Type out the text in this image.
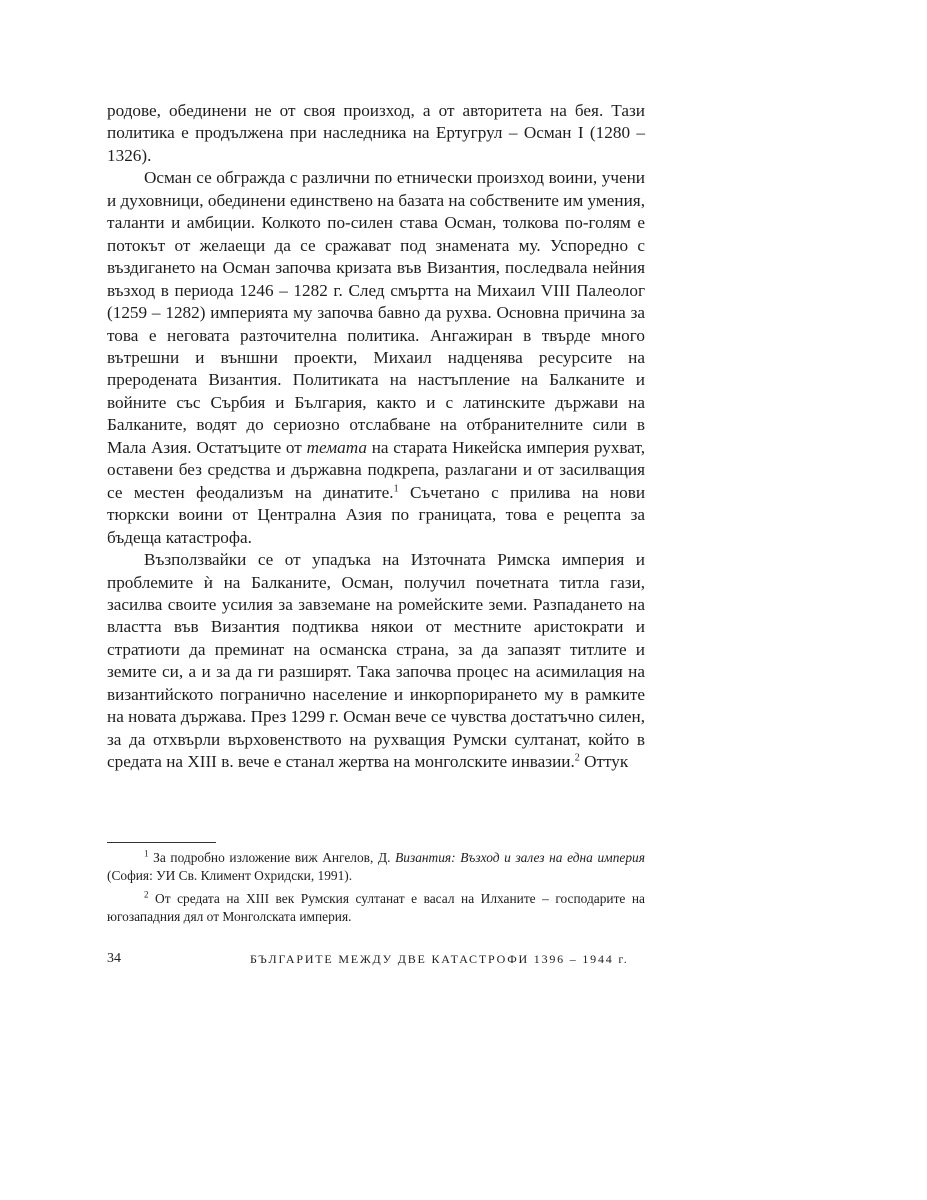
родове, обединени не от своя произход, а от авторитета на бея. Тази политика е продължена при наследника на Ертугрул – Осман I (1280 – 1326).

Осман се обгражда с различни по етнически произход воини, учени и духовници, обединени единствено на базата на собствените им умения, таланти и амбиции. Колкото по-силен става Осман, толкова по-голям е потокът от желаещи да се сражават под знамената му. Успоредно с въздигането на Осман започва кризата във Византия, последвала нейния възход в периода 1246 – 1282 г. След смъртта на Михаил VIII Палеолог (1259 – 1282) империята му започва бавно да рухва. Основна причина за това е неговата разточителна политика. Ангажиран в твърде много вътрешни и външни проекти, Михаил надценява ресурсите на преродената Византия. Политиката на настъпление на Балканите и войните със Сърбия и България, както и с латинските държави на Балканите, водят до сериозно отслабване на отбранителните сили в Мала Азия. Остатъците от темата на старата Никейска империя рухват, оставени без средства и държавна подкрепа, разлагани и от засилващия се местен феодализъм на динатите.$^1$ Съчетано с прилива на нови тюркски воини от Централна Азия по границата, това е рецепта за бъдеща катастрофа.

Възползвайки се от упадъка на Източната Римска империя и проблемите ѝ на Балканите, Осман, получил почетната титла гази, засилва своите усилия за завземане на ромейските земи. Разпадането на властта във Византия подтиква някои от местните аристократи и стратиоти да преминат на османска страна, за да запазят титлите и земите си, а и за да ги разширят. Така започва процес на асимилация на византийското погранично население и инкорпорирането му в рамките на новата държава. През 1299 г. Осман вече се чувства достатъчно силен, за да отхвърли върховенството на рухващия Румски султанат, който в средата на XIII в. вече е станал жертва на монголските инвазии.$^2$ Оттук

$^1$ За подробно изложение виж Ангелов, Д. Византия: Възход и залез на една империя (София: УИ Св. Климент Охридски, 1991).

$^2$ От средата на XIII век Румския султанат е васал на Илханите – господарите на югозападния дял от Монголската империя.

34	БЪЛГАРИТЕ МЕЖДУ ДВЕ КАТАСТРОФИ 1396 – 1944 г.
